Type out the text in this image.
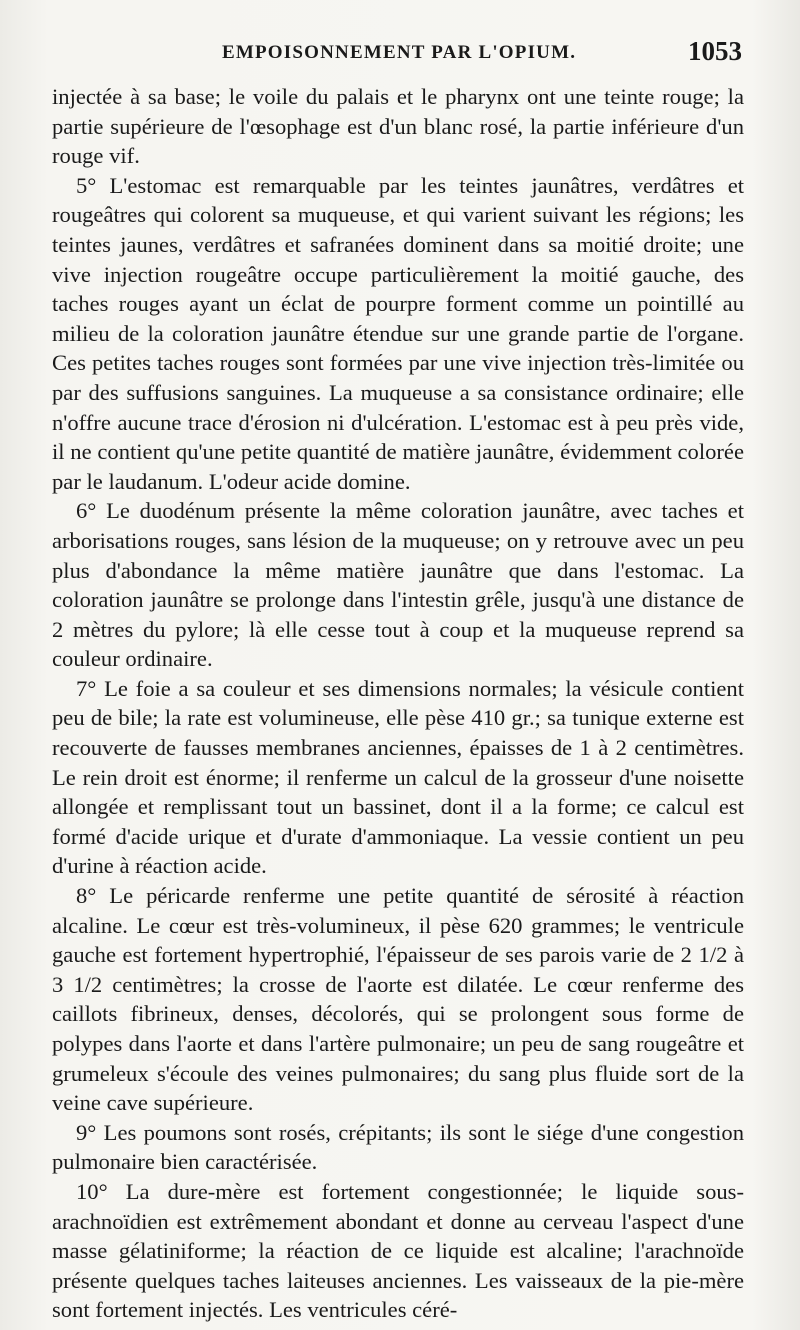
EMPOISONNEMENT PAR L'OPIUM.	1053

injectée à sa base; le voile du palais et le pharynx ont une teinte rouge; la partie supérieure de l'œsophage est d'un blanc rosé, la partie inférieure d'un rouge vif.

5° L'estomac est remarquable par les teintes jaunâtres, verdâtres et rougeâtres qui colorent sa muqueuse, et qui varient suivant les régions; les teintes jaunes, verdâtres et safranées dominent dans sa moitié droite; une vive injection rougeâtre occupe particulièrement la moitié gauche, des taches rouges ayant un éclat de pourpre forment comme un pointillé au milieu de la coloration jaunâtre étendue sur une grande partie de l'organe. Ces petites taches rouges sont formées par une vive injection très-limitée ou par des suffusions sanguines. La muqueuse a sa consistance ordinaire; elle n'offre aucune trace d'érosion ni d'ulcération. L'estomac est à peu près vide, il ne contient qu'une petite quantité de matière jaunâtre, évidemment colorée par le laudanum. L'odeur acide domine.

6° Le duodénum présente la même coloration jaunâtre, avec taches et arborisations rouges, sans lésion de la muqueuse; on y retrouve avec un peu plus d'abondance la même matière jaunâtre que dans l'estomac. La coloration jaunâtre se prolonge dans l'intestin grêle, jusqu'à une distance de 2 mètres du pylore; là elle cesse tout à coup et la muqueuse reprend sa couleur ordinaire.

7° Le foie a sa couleur et ses dimensions normales; la vésicule contient peu de bile; la rate est volumineuse, elle pèse 410 gr.; sa tunique externe est recouverte de fausses membranes anciennes, épaisses de 1 à 2 centimètres. Le rein droit est énorme; il renferme un calcul de la grosseur d'une noisette allongée et remplissant tout un bassinet, dont il a la forme; ce calcul est formé d'acide urique et d'urate d'ammoniaque. La vessie contient un peu d'urine à réaction acide.

8° Le péricarde renferme une petite quantité de sérosité à réaction alcaline. Le cœur est très-volumineux, il pèse 620 grammes; le ventricule gauche est fortement hypertrophié, l'épaisseur de ses parois varie de 2 1/2 à 3 1/2 centimètres; la crosse de l'aorte est dilatée. Le cœur renferme des caillots fibrineux, denses, décolorés, qui se prolongent sous forme de polypes dans l'aorte et dans l'artère pulmonaire; un peu de sang rougeâtre et grumeleux s'écoule des veines pulmonaires; du sang plus fluide sort de la veine cave supérieure.

9° Les poumons sont rosés, crépitants; ils sont le siége d'une congestion pulmonaire bien caractérisée.

10° La dure-mère est fortement congestionnée; le liquide sous-arachnoïdien est extrêmement abondant et donne au cerveau l'aspect d'une masse gélatiniforme; la réaction de ce liquide est alcaline; l'arachnoïde présente quelques taches laiteuses anciennes. Les vaisseaux de la pie-mère sont fortement injectés. Les ventricules céré-
